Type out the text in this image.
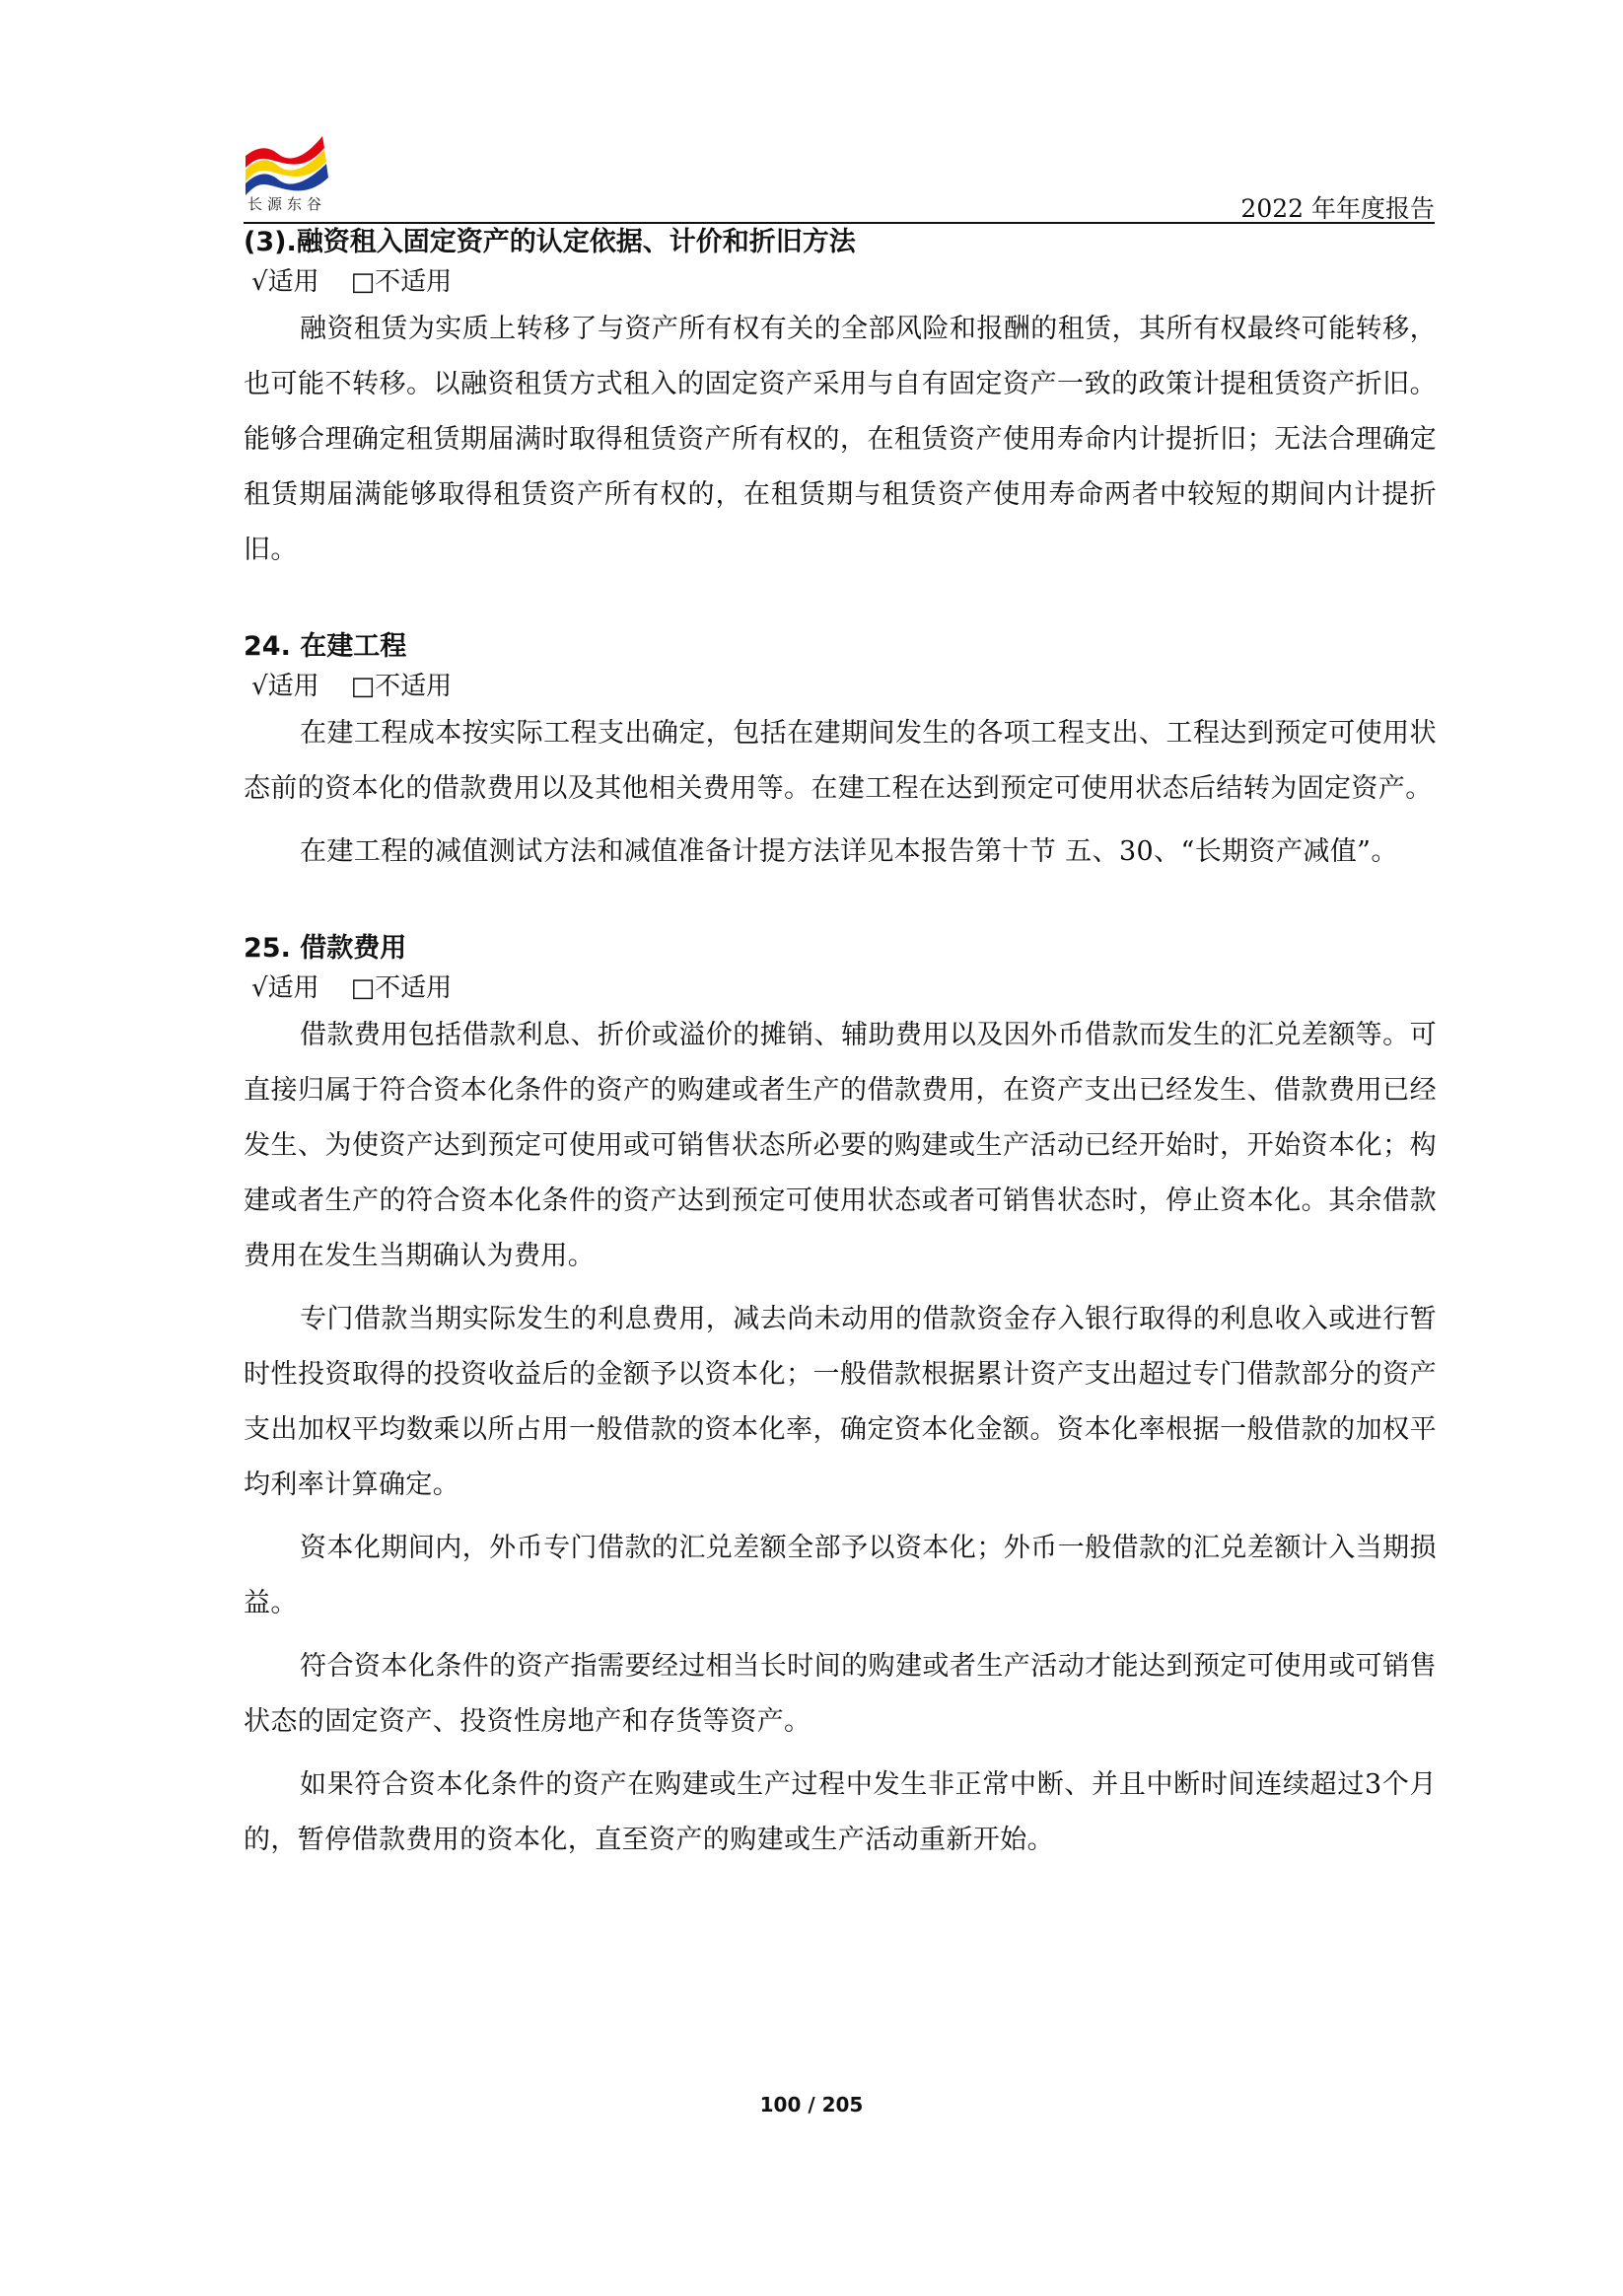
长源东谷	2022 年年度报告
(3).融资租入固定资产的认定依据、计价和折旧方法

√适用 □不适用

融资租赁为实质上转移了与资产所有权有关的全部风险和报酬的租赁，其所有权最终可能转移，也可能不转移。以融资租赁方式租入的固定资产采用与自有固定资产一致的政策计提租赁资产折旧。能够合理确定租赁期届满时取得租赁资产所有权的，在租赁资产使用寿命内计提折旧；无法合理确定租赁期届满能够取得租赁资产所有权的，在租赁期与租赁资产使用寿命两者中较短的期间内计提折旧。

24. 在建工程

√适用 □不适用

在建工程成本按实际工程支出确定，包括在建期间发生的各项工程支出、工程达到预定可使用状态前的资本化的借款费用以及其他相关费用等。在建工程在达到预定可使用状态后结转为固定资产。

在建工程的减值测试方法和减值准备计提方法详见本报告第十节 五、30、“长期资产减值”。

25. 借款费用

√适用 □不适用

借款费用包括借款利息、折价或溢价的摊销、辅助费用以及因外币借款而发生的汇兑差额等。可直接归属于符合资本化条件的资产的购建或者生产的借款费用，在资产支出已经发生、借款费用已经发生、为使资产达到预定可使用或可销售状态所必要的购建或生产活动已经开始时，开始资本化；构建或者生产的符合资本化条件的资产达到预定可使用状态或者可销售状态时，停止资本化。其余借款费用在发生当期确认为费用。

专门借款当期实际发生的利息费用，减去尚未动用的借款资金存入银行取得的利息收入或进行暂时性投资取得的投资收益后的金额予以资本化；一般借款根据累计资产支出超过专门借款部分的资产支出加权平均数乘以所占用一般借款的资本化率，确定资本化金额。资本化率根据一般借款的加权平均利率计算确定。

资本化期间内，外币专门借款的汇兑差额全部予以资本化；外币一般借款的汇兑差额计入当期损益。

符合资本化条件的资产指需要经过相当长时间的购建或者生产活动才能达到预定可使用或可销售状态的固定资产、投资性房地产和存货等资产。

如果符合资本化条件的资产在购建或生产过程中发生非正常中断、并且中断时间连续超过3个月的，暂停借款费用的资本化，直至资产的购建或生产活动重新开始。

100 / 205
